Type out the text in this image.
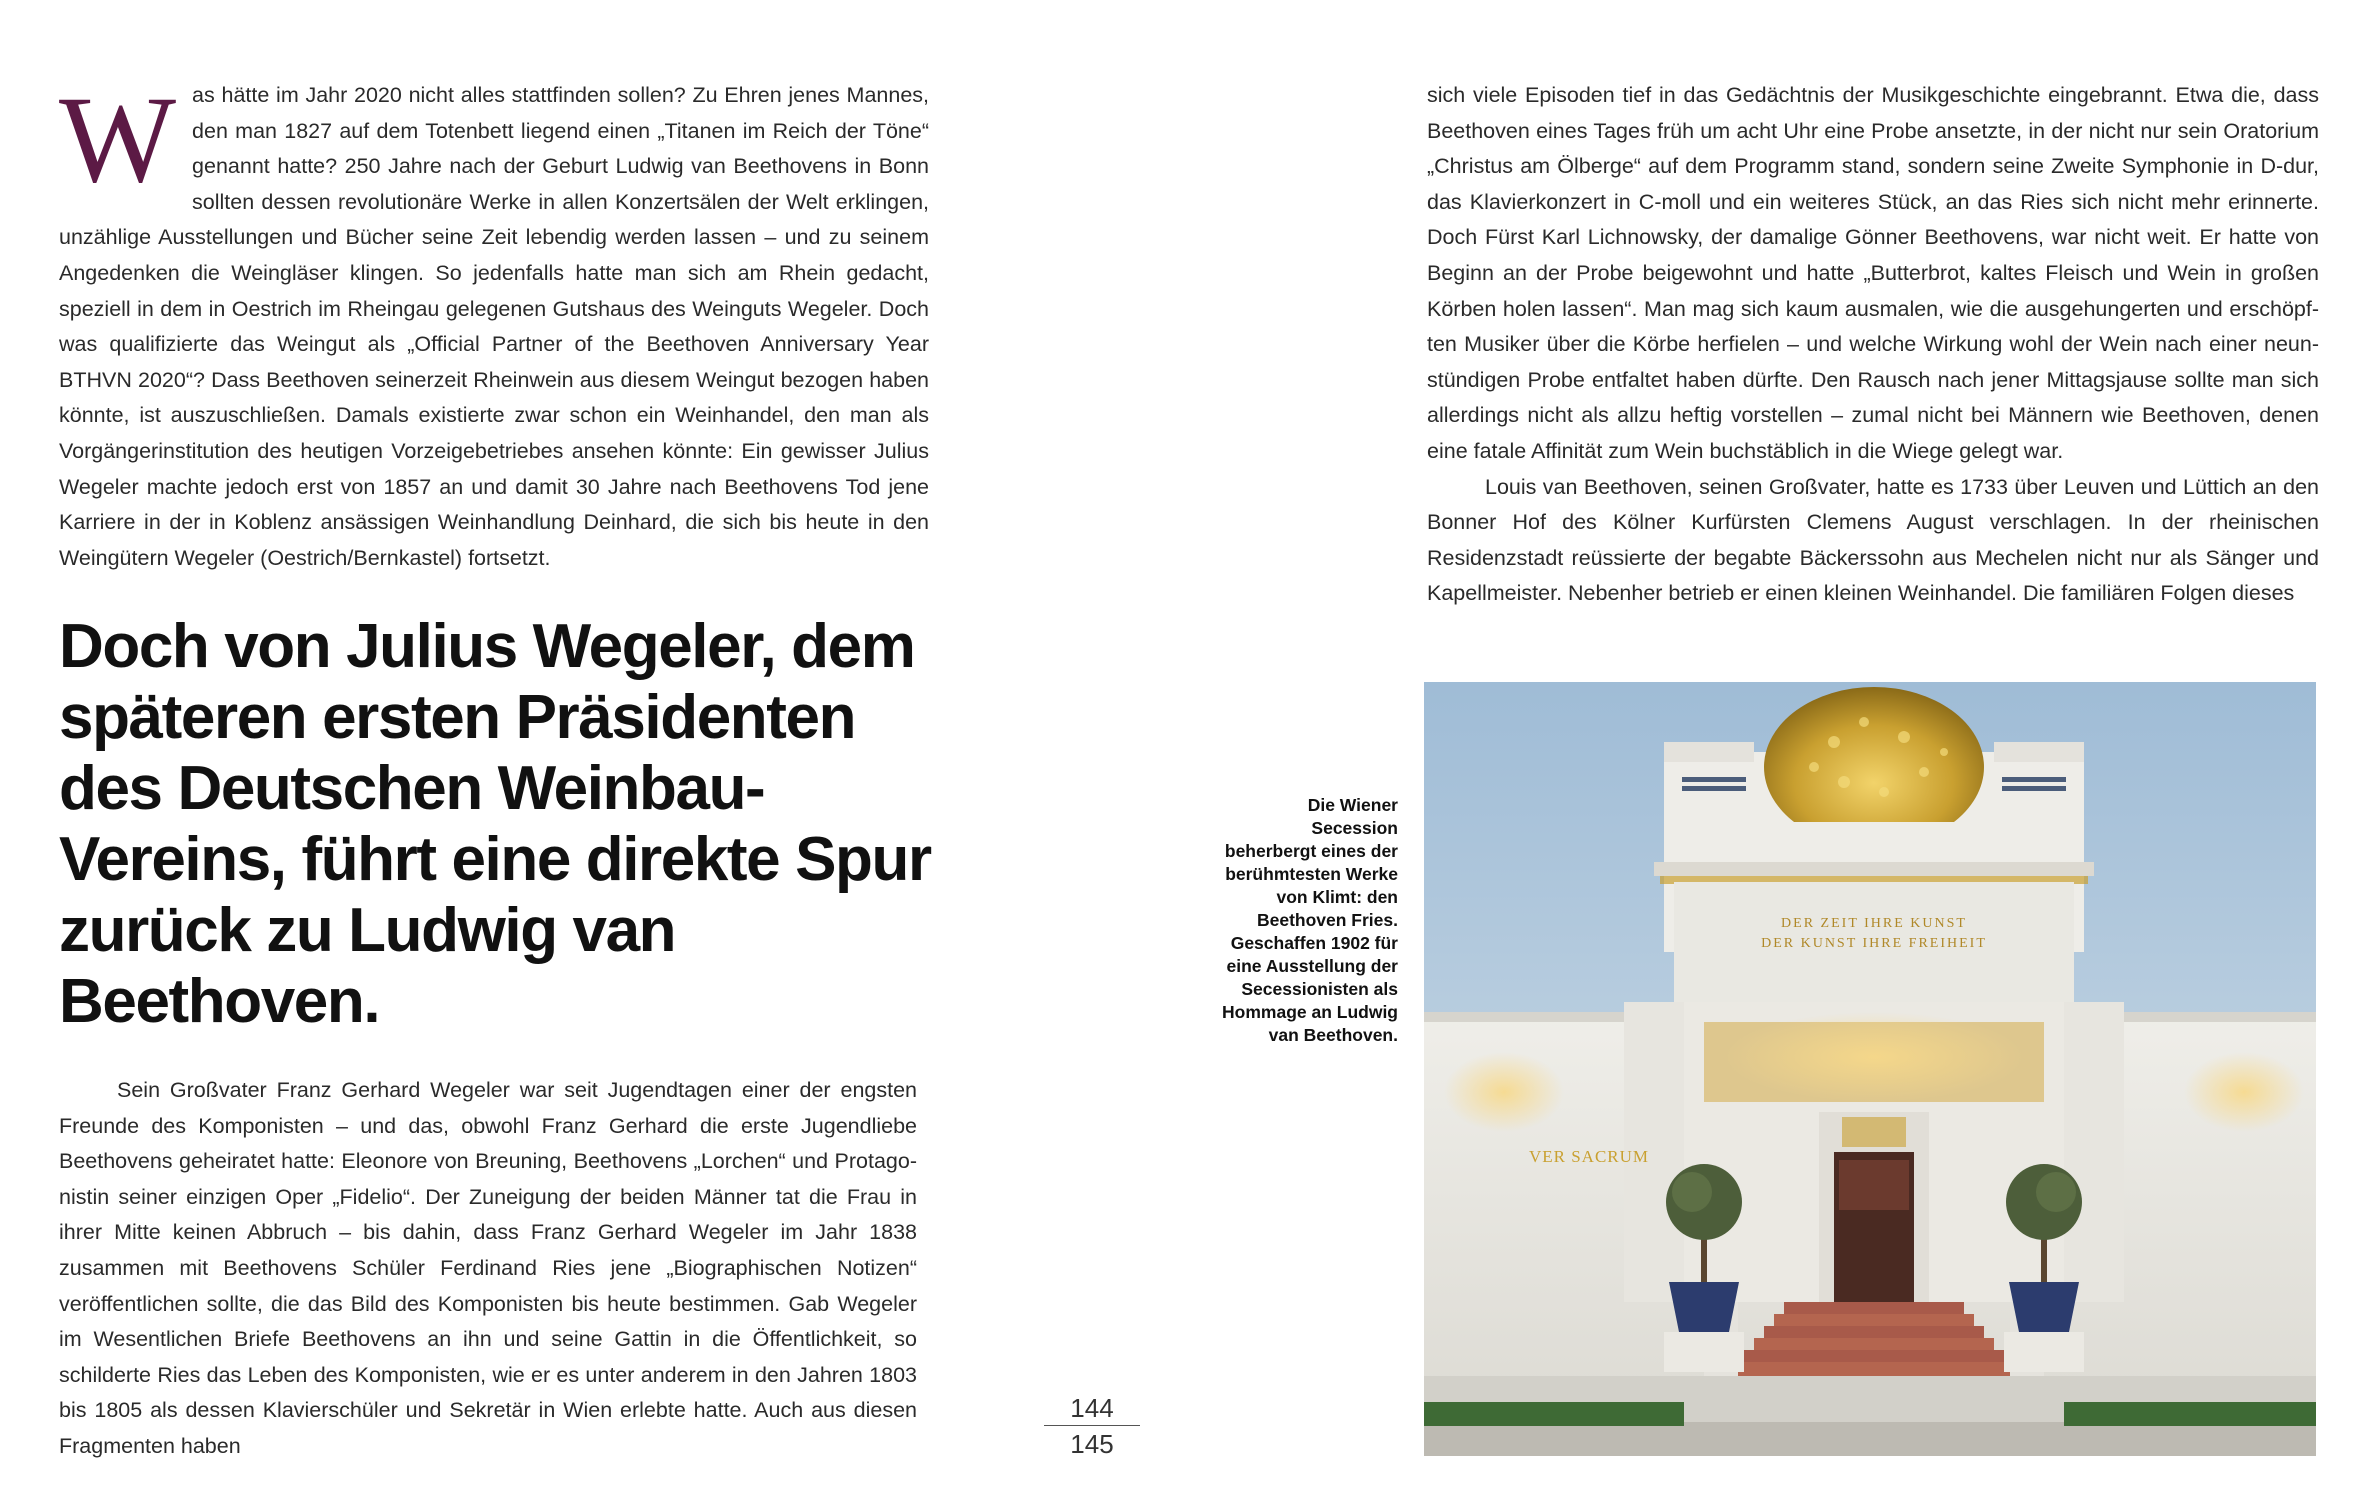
W as hätte im Jahr 2020 nicht alles stattfinden sollen? Zu Ehren jenes Mannes, den man 1827 auf dem Totenbett liegend einen „Titanen im Reich der Töne“ genannt hatte? 250 Jahre nach der Geburt Ludwig van Beethovens in Bonn sollten dessen revolutionäre Werke in allen Konzertsälen der Welt erklingen, unzählige Ausstellungen und Bücher seine Zeit lebendig werden lassen – und zu seinem Angedenken die Weingläser klingen. So jedenfalls hatte man sich am Rhein gedacht, speziell in dem in Oestrich im Rheingau gelegenen Gutshaus des Weinguts Wegeler. Doch was qualifizierte das Weingut als „Official Partner of the Beethoven Anniversary Year BTHVN 2020“? Dass Beethoven seinerzeit Rheinwein aus diesem Weingut bezogen haben könnte, ist auszuschließen. Damals existierte zwar schon ein Weinhandel, den man als Vorgängerinstitution des heutigen Vorzeigebetriebes ansehen könnte: Ein gewisser Julius Wegeler machte jedoch erst von 1857 an und damit 30 Jahre nach Beethovens Tod jene Karriere in der in Koblenz ansässigen Weinhandlung Deinhard, die sich bis heute in den Weingütern Wegeler (Oestrich/Bernkastel) fortsetzt.

Doch von Julius Wegeler, dem späteren ersten Präsidenten des Deutschen Weinbau-Vereins, führt eine direkte Spur zurück zu Ludwig van Beethoven.

Sein Großvater Franz Gerhard Wegeler war seit Jugendtagen einer der engsten Freunde des Komponisten – und das, obwohl Franz Gerhard die erste Jugendliebe Beethovens geheiratet hatte: Eleonore von Breuning, Beethovens „Lorchen“ und Protagonistin seiner einzigen Oper „Fidelio“. Der Zuneigung der beiden Männer tat die Frau in ihrer Mitte keinen Abbruch – bis dahin, dass Franz Gerhard Wegeler im Jahr 1838 zusammen mit Beethovens Schüler Ferdinand Ries jene „Biographischen Notizen“ veröffentlichen sollte, die das Bild des Komponisten bis heute bestimmen. Gab Wegeler im Wesentlichen Briefe Beethovens an ihn und seine Gattin in die Öffentlichkeit, so schilderte Ries das Leben des Komponisten, wie er es unter anderem in den Jahren 1803 bis 1805 als dessen Klavierschüler und Sekretär in Wien erlebte hatte. Auch aus diesen Fragmenten haben

144
145

sich viele Episoden tief in das Gedächtnis der Musikgeschichte eingebrannt. Etwa die, dass Beethoven eines Tages früh um acht Uhr eine Probe ansetzte, in der nicht nur sein Oratorium „Christus am Ölberge“ auf dem Programm stand, sondern seine Zweite Symphonie in D-dur, das Klavierkonzert in C-moll und ein weiteres Stück, an das Ries sich nicht mehr erinnerte. Doch Fürst Karl Lichnowsky, der damalige Gönner Beethovens, war nicht weit. Er hatte von Beginn an der Probe beigewohnt und hatte „Butterbrot, kaltes Fleisch und Wein in großen Körben holen lassen“. Man mag sich kaum ausmalen, wie die ausgehungerten und erschöpften Musiker über die Körbe herfielen – und welche Wirkung wohl der Wein nach einer neunstündigen Probe entfaltet haben dürfte. Den Rausch nach jener Mittagsjause sollte man sich allerdings nicht als allzu heftig vorstellen – zumal nicht bei Männern wie Beethoven, denen eine fatale Affinität zum Wein buchstäblich in die Wiege gelegt war.

Louis van Beethoven, seinen Großvater, hatte es 1733 über Leuven und Lüttich an den Bonner Hof des Kölner Kurfürsten Clemens August verschlagen. In der rheinischen Residenzstadt reüssierte der begabte Bäckerssohn aus Mechelen nicht nur als Sänger und Kapellmeister. Nebenher betrieb er einen kleinen Weinhandel. Die familiären Folgen dieses

Die Wiener Secession beherbergt eines der berühmtesten Werke von Klimt: den Beethoven Fries. Geschaffen 1902 für eine Ausstellung der Secessionisten als Hommage an Ludwig van Beethoven.
DER ZEIT IHRE KUNST
DER KUNST IHRE FREIHEIT
VER SACRUM
